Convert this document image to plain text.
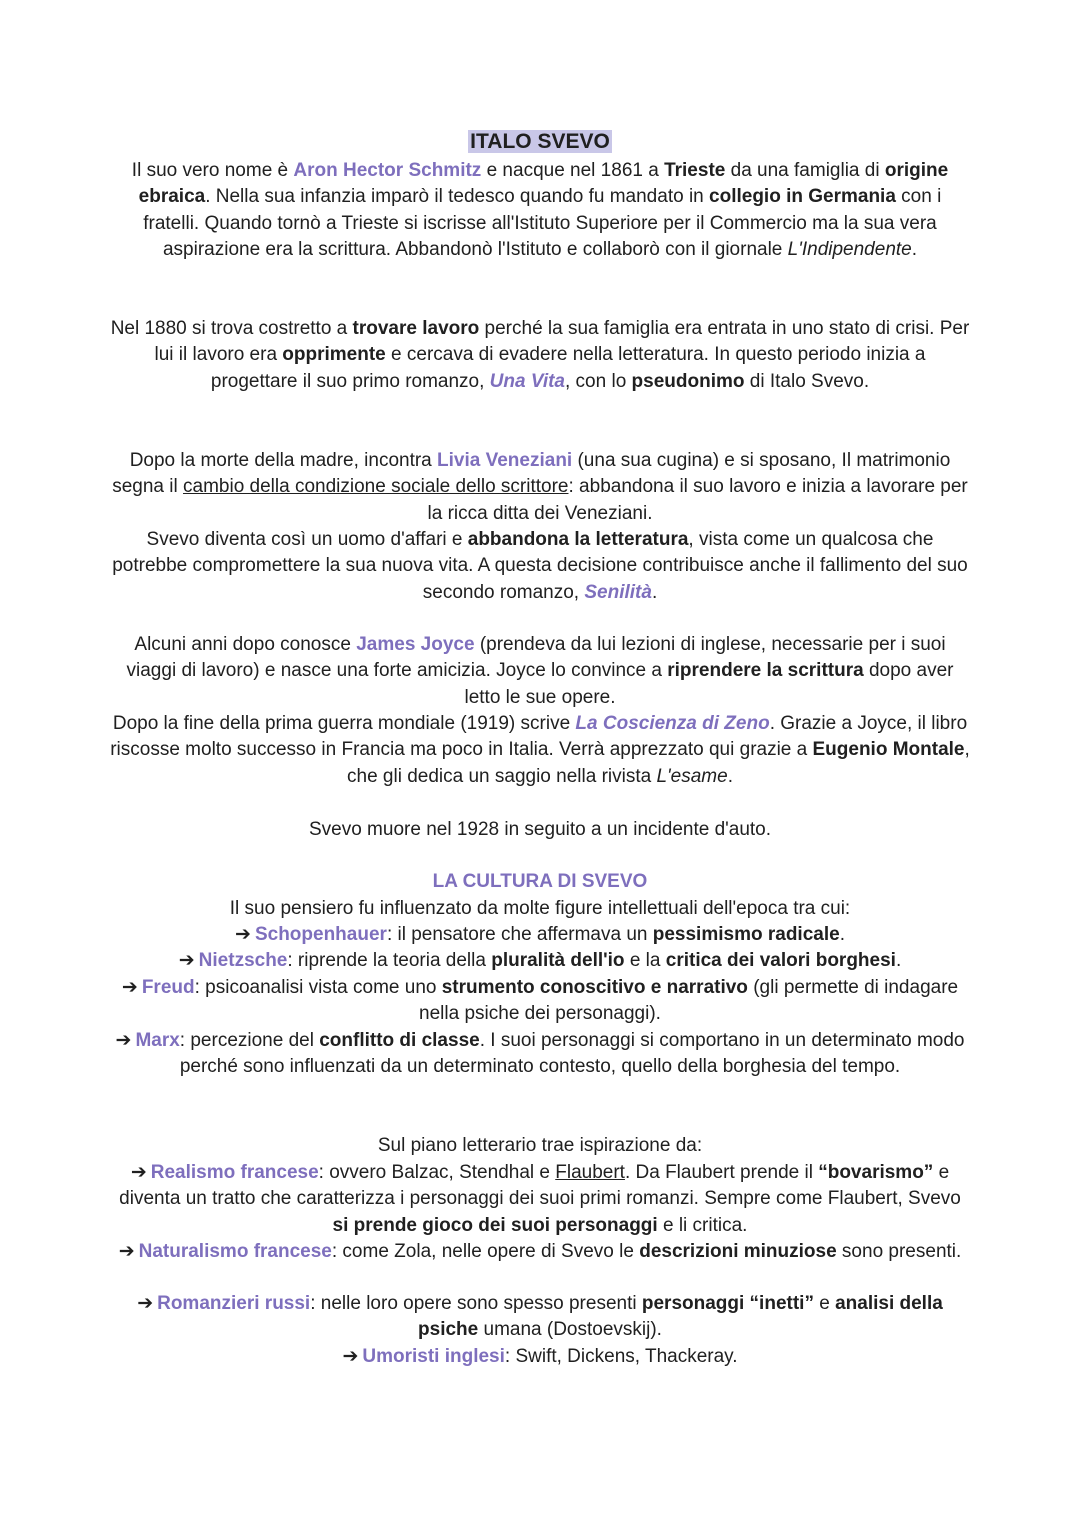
ITALO SVEVO

Il suo vero nome è Aron Hector Schmitz e nacque nel 1861 a Trieste da una famiglia di origine ebraica. Nella sua infanzia imparò il tedesco quando fu mandato in collegio in Germania con i fratelli. Quando tornò a Trieste si iscrisse all'Istituto Superiore per il Commercio ma la sua vera aspirazione era la scrittura. Abbandonò l'Istituto e collaborò con il giornale L'Indipendente.

Nel 1880 si trova costretto a trovare lavoro perché la sua famiglia era entrata in uno stato di crisi. Per lui il lavoro era opprimente e cercava di evadere nella letteratura. In questo periodo inizia a progettare il suo primo romanzo, Una Vita, con lo pseudonimo di Italo Svevo.

Dopo la morte della madre, incontra Livia Veneziani (una sua cugina) e si sposano, Il matrimonio segna il cambio della condizione sociale dello scrittore: abbandona il suo lavoro e inizia a lavorare per la ricca ditta dei Veneziani.

Svevo diventa così un uomo d'affari e abbandona la letteratura, vista come un qualcosa che potrebbe compromettere la sua nuova vita. A questa decisione contribuisce anche il fallimento del suo secondo romanzo, Senilità.

Alcuni anni dopo conosce James Joyce (prendeva da lui lezioni di inglese, necessarie per i suoi viaggi di lavoro) e nasce una forte amicizia. Joyce lo convince a riprendere la scrittura dopo aver letto le sue opere.

Dopo la fine della prima guerra mondiale (1919) scrive La Coscienza di Zeno. Grazie a Joyce, il libro riscosse molto successo in Francia ma poco in Italia. Verrà apprezzato qui grazie a Eugenio Montale, che gli dedica un saggio nella rivista L'esame.

Svevo muore nel 1928 in seguito a un incidente d'auto.

LA CULTURA DI SVEVO

Il suo pensiero fu influenzato da molte figure intellettuali dell'epoca tra cui:

➔ Schopenhauer: il pensatore che affermava un pessimismo radicale.

➔ Nietzsche: riprende la teoria della pluralità dell'io e la critica dei valori borghesi.

➔ Freud: psicoanalisi vista come uno strumento conoscitivo e narrativo (gli permette di indagare nella psiche dei personaggi).

➔ Marx: percezione del conflitto di classe. I suoi personaggi si comportano in un determinato modo perché sono influenzati da un determinato contesto, quello della borghesia del tempo.

Sul piano letterario trae ispirazione da:

➔ Realismo francese: ovvero Balzac, Stendhal e Flaubert. Da Flaubert prende il “bovarismo” e diventa un tratto che caratterizza i personaggi dei suoi primi romanzi. Sempre come Flaubert, Svevo si prende gioco dei suoi personaggi e li critica.

➔ Naturalismo francese: come Zola, nelle opere di Svevo le descrizioni minuziose sono presenti.

➔ Romanzieri russi: nelle loro opere sono spesso presenti personaggi “inetti” e analisi della psiche umana (Dostoevskij).

➔ Umoristi inglesi: Swift, Dickens, Thackeray.
